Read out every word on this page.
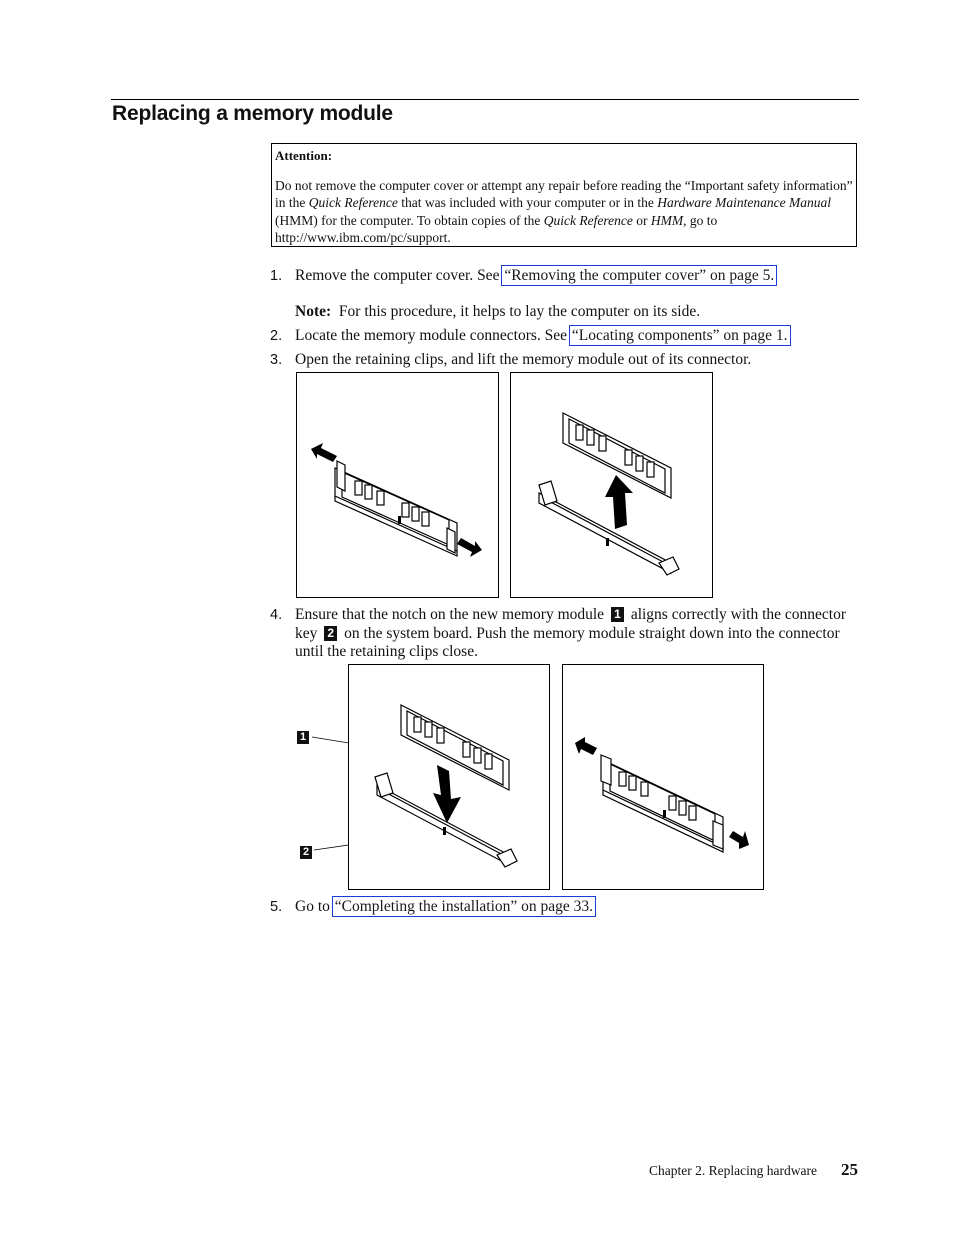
Replacing a memory module
Attention:
Do not remove the computer cover or attempt any repair before reading the “Important safety information” in the Quick Reference that was included with your computer or in the Hardware Maintenance Manual (HMM) for the computer. To obtain copies of the Quick Reference or HMM, go to http://www.ibm.com/pc/support.
1. Remove the computer cover. See “Removing the computer cover” on page 5.
Note: For this procedure, it helps to lay the computer on its side.
2. Locate the memory module connectors. See “Locating components” on page 1.
3. Open the retaining clips, and lift the memory module out of its connector.
4. Ensure that the notch on the new memory module 1 aligns correctly with the connector key 2 on the system board. Push the memory module straight down into the connector until the retaining clips close.
1
2
5. Go to “Completing the installation” on page 33.
Chapter 2. Replacing hardware 25
